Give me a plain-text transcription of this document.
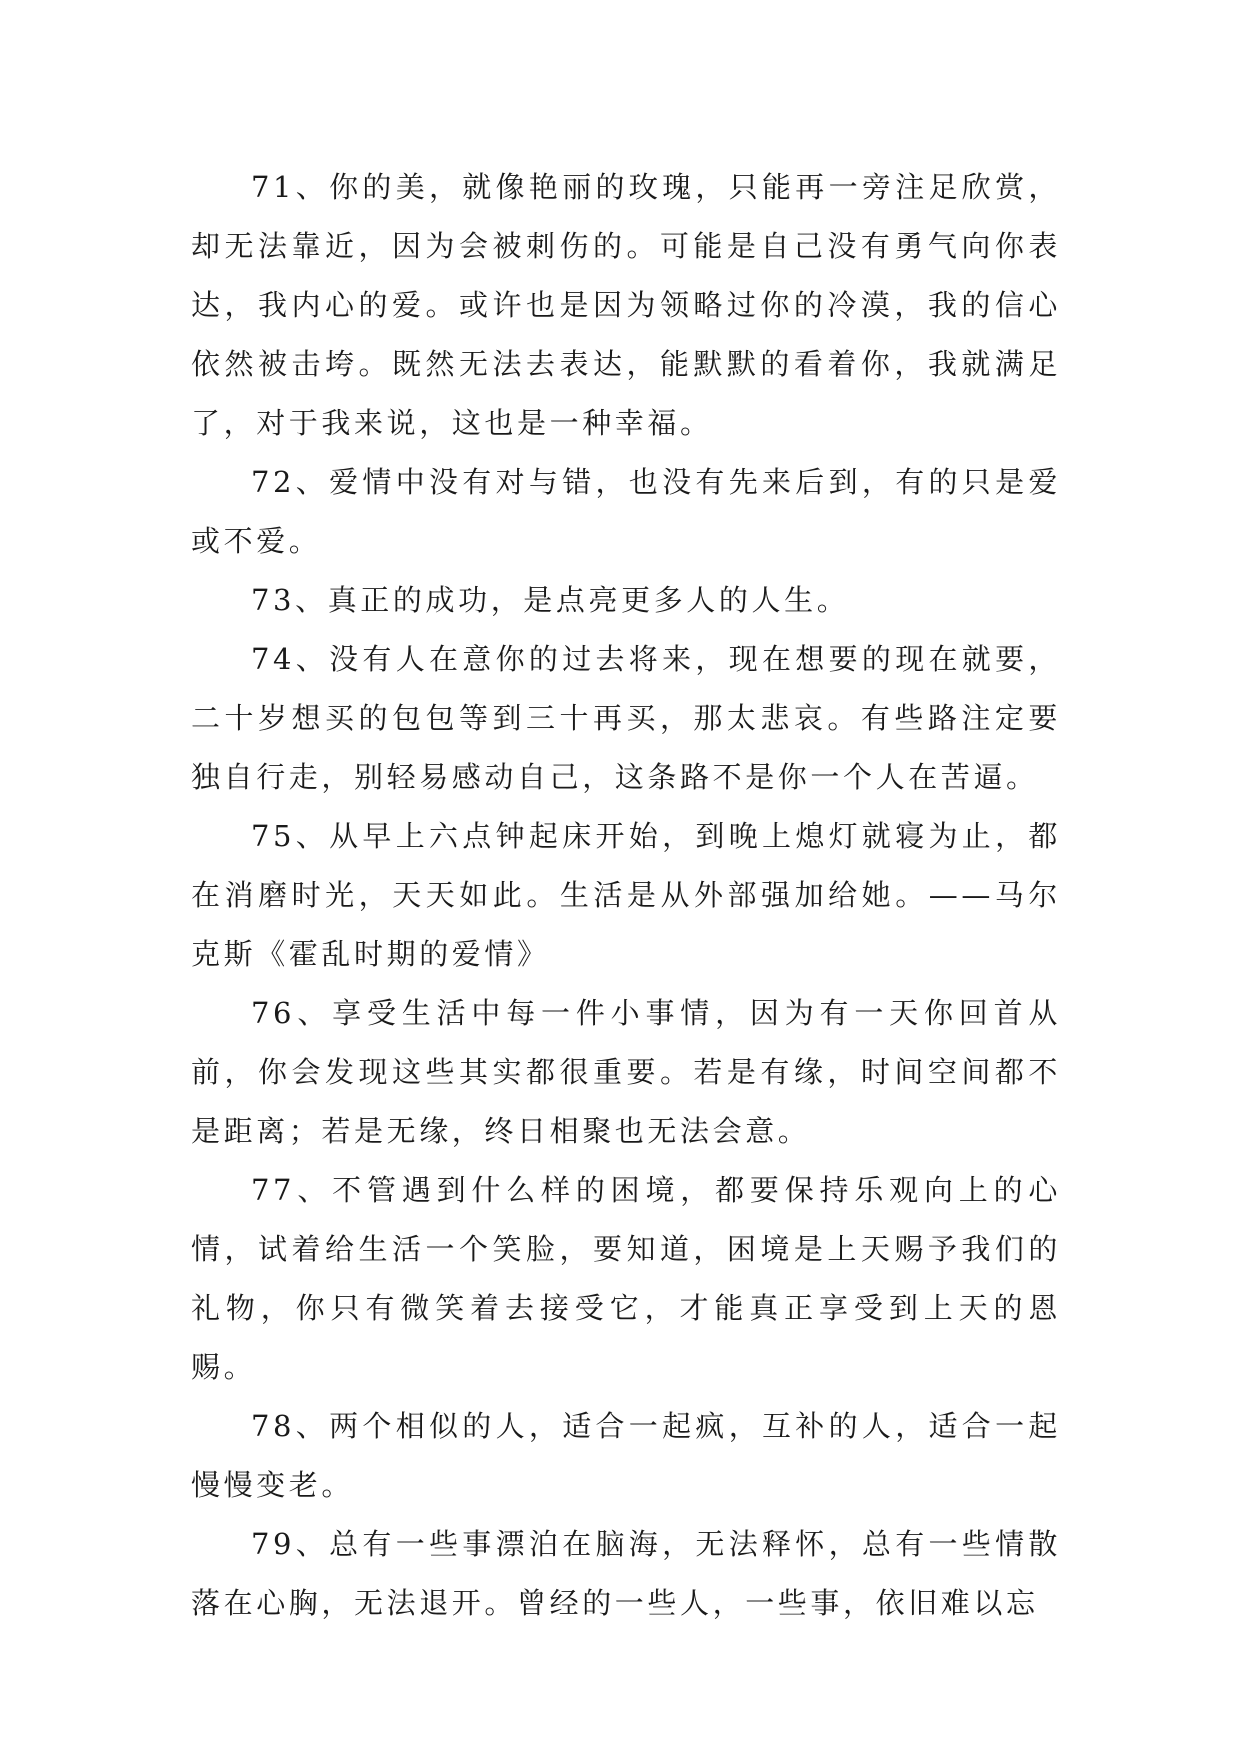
71、你的美，就像艳丽的玫瑰，只能再一旁注足欣赏，却无法靠近，因为会被刺伤的。可能是自己没有勇气向你表达，我内心的爱。或许也是因为领略过你的冷漠，我的信心依然被击垮。既然无法去表达，能默默的看着你，我就满足了，对于我来说，这也是一种幸福。

72、爱情中没有对与错，也没有先来后到，有的只是爱或不爱。

73、真正的成功，是点亮更多人的人生。

74、没有人在意你的过去将来，现在想要的现在就要，二十岁想买的包包等到三十再买，那太悲哀。有些路注定要独自行走，别轻易感动自己，这条路不是你一个人在苦逼。

75、从早上六点钟起床开始，到晚上熄灯就寝为止，都在消磨时光，天天如此。生活是从外部强加给她。——马尔克斯《霍乱时期的爱情》

76、享受生活中每一件小事情，因为有一天你回首从前，你会发现这些其实都很重要。若是有缘，时间空间都不是距离；若是无缘，终日相聚也无法会意。

77、不管遇到什么样的困境，都要保持乐观向上的心情，试着给生活一个笑脸，要知道，困境是上天赐予我们的礼物，你只有微笑着去接受它，才能真正享受到上天的恩赐。

78、两个相似的人，适合一起疯，互补的人，适合一起慢慢变老。

79、总有一些事漂泊在脑海，无法释怀，总有一些情散落在心胸，无法退开。曾经的一些人，一些事，依旧难以忘
